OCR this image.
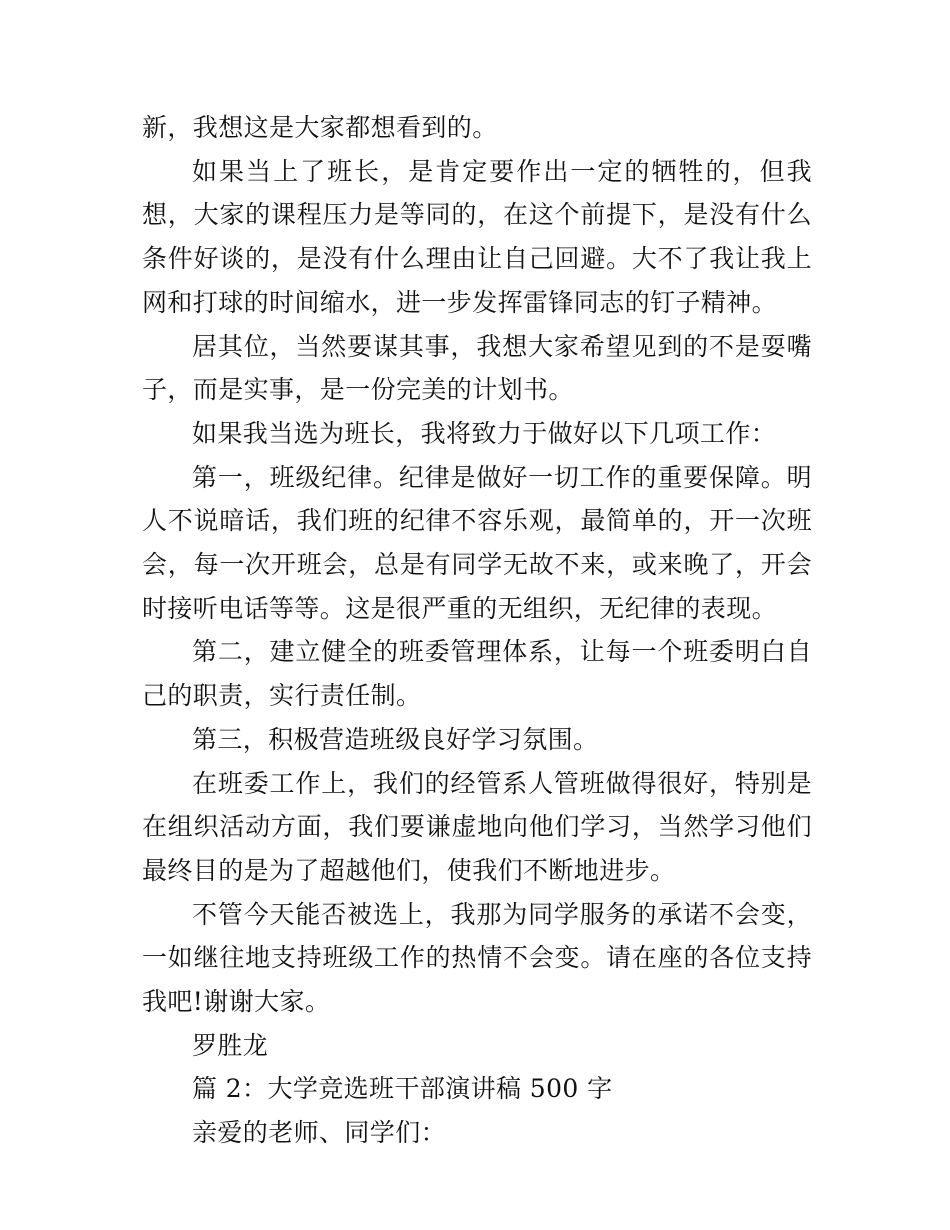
新，我想这是大家都想看到的。

如果当上了班长，是肯定要作出一定的牺牲的，但我想，大家的课程压力是等同的，在这个前提下，是没有什么条件好谈的，是没有什么理由让自己回避。大不了我让我上网和打球的时间缩水，进一步发挥雷锋同志的钉子精神。

居其位，当然要谋其事，我想大家希望见到的不是耍嘴子，而是实事，是一份完美的计划书。

如果我当选为班长，我将致力于做好以下几项工作：

第一，班级纪律。纪律是做好一切工作的重要保障。明人不说暗话，我们班的纪律不容乐观，最简单的，开一次班会，每一次开班会，总是有同学无故不来，或来晚了，开会时接听电话等等。这是很严重的无组织，无纪律的表现。

第二，建立健全的班委管理体系，让每一个班委明白自己的职责，实行责任制。

第三，积极营造班级良好学习氛围。

在班委工作上，我们的经管系人管班做得很好，特别是在组织活动方面，我们要谦虚地向他们学习，当然学习他们最终目的是为了超越他们，使我们不断地进步。

不管今天能否被选上，我那为同学服务的承诺不会变，一如继往地支持班级工作的热情不会变。请在座的各位支持我吧!谢谢大家。

罗胜龙

篇 2：大学竞选班干部演讲稿 500 字

亲爱的老师、同学们：
